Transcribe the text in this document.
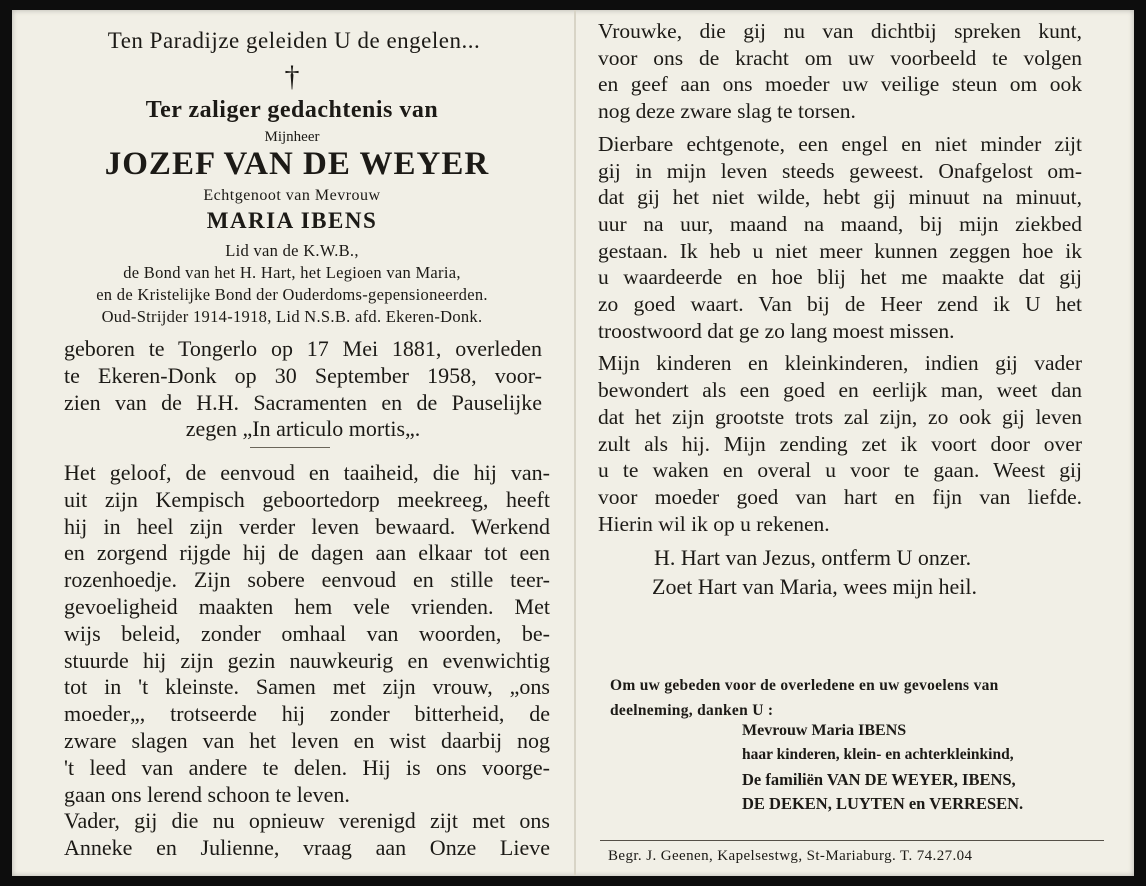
Ten Paradijze geleiden U de engelen...
†
Ter zaliger gedachtenis van
Mijnheer
JOZEF VAN DE WEYER
Echtgenoot van Mevrouw
MARIA IBENS
Lid van de K.W.B.,
de Bond van het H. Hart, het Legioen van Maria,
en de Kristelijke Bond der Ouderdoms-gepensioneerden.
Oud-Strijder 1914-1918, Lid N.S.B. afd. Ekeren-Donk.
geboren te Tongerlo op 17 Mei 1881, overleden
te Ekeren-Donk op 30 September 1958, voor-
zien van de H.H. Sacramenten en de Pauselijke
zegen „In articulo mortis„.

Het geloof, de eenvoud en taaiheid, die hij van-

uit zijn Kempisch geboortedorp meekreeg, heeft

hij in heel zijn verder leven bewaard. Werkend

en zorgend rijgde hij de dagen aan elkaar tot een

rozenhoedje. Zijn sobere eenvoud en stille teer-

gevoeligheid maakten hem vele vrienden. Met

wijs beleid, zonder omhaal van woorden, be-

stuurde hij zijn gezin nauwkeurig en evenwichtig

tot in 't kleinste. Samen met zijn vrouw, „ons

moeder„, trotseerde hij zonder bitterheid, de

zware slagen van het leven en wist daarbij nog

't leed van andere te delen. Hij is ons voorge-

gaan ons lerend schoon te leven.

Vader, gij die nu opnieuw verenigd zijt met ons

Anneke en Julienne, vraag aan Onze Lieve

Vrouwke, die gij nu van dichtbij spreken kunt,

voor ons de kracht om uw voorbeeld te volgen

en geef aan ons moeder uw veilige steun om ook

nog deze zware slag te torsen.

Dierbare echtgenote, een engel en niet minder zijt

gij in mijn leven steeds geweest. Onafgelost om-

dat gij het niet wilde, hebt gij minuut na minuut,

uur na uur, maand na maand, bij mijn ziekbed

gestaan. Ik heb u niet meer kunnen zeggen hoe ik

u waardeerde en hoe blij het me maakte dat gij

zo goed waart. Van bij de Heer zend ik U het

troostwoord dat ge zo lang moest missen.

Mijn kinderen en kleinkinderen, indien gij vader

bewondert als een goed en eerlijk man, weet dan

dat het zijn grootste trots zal zijn, zo ook gij leven

zult als hij. Mijn zending zet ik voort door over

u te waken en overal u voor te gaan. Weest gij

voor moeder goed van hart en fijn van liefde.

Hierin wil ik op u rekenen.

H. Hart van Jezus, ontferm U onzer.
Zoet Hart van Maria, wees mijn heil.
Om uw gebeden voor de overledene en uw gevoelens van
deelneming, danken U :
Mevrouw Maria IBENS
haar kinderen, klein- en achterkleinkind,
De familiën VAN DE WEYER, IBENS,
DE DEKEN, LUYTEN en VERRESEN.
Begr. J. Geenen, Kapelsestwg, St-Mariaburg. T. 74.27.04
